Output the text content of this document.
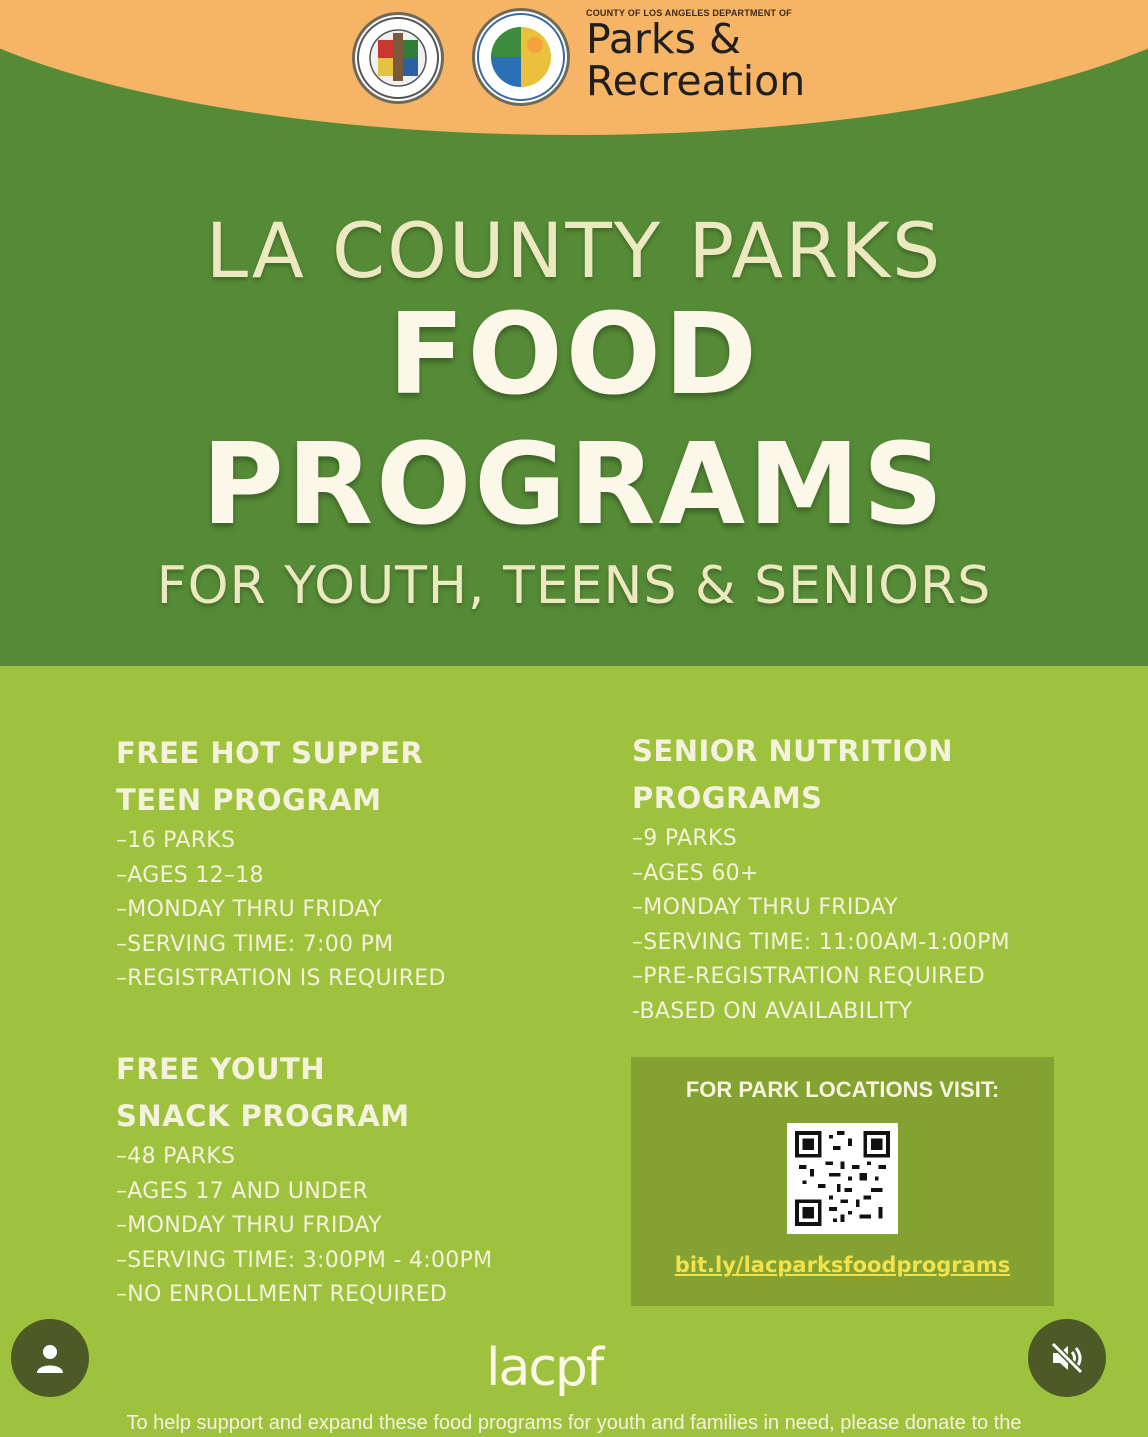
COUNTY OF LOS ANGELES DEPARTMENT OF
Parks &
Recreation
LA COUNTY PARKS
FOOD
PROGRAMS
FOR YOUTH, TEENS & SENIORS
FREE HOT SUPPER
TEEN PROGRAM
–16 PARKS
–AGES 12–18
–MONDAY THRU FRIDAY
–SERVING TIME: 7:00 PM
–REGISTRATION IS REQUIRED
SENIOR NUTRITION
PROGRAMS
–9 PARKS
–AGES 60+
–MONDAY THRU FRIDAY
–SERVING TIME: 11:00AM-1:00PM
–PRE-REGISTRATION REQUIRED
-BASED ON AVAILABILITY
FREE YOUTH
SNACK PROGRAM
–48 PARKS
–AGES 17 AND UNDER
–MONDAY THRU FRIDAY
–SERVING TIME: 3:00PM - 4:00PM
–NO ENROLLMENT REQUIRED
FOR PARK LOCATIONS VISIT:
bit.ly/lacparksfoodprograms
lacpf
To help support and expand these food programs for youth and families in need, please donate to the
